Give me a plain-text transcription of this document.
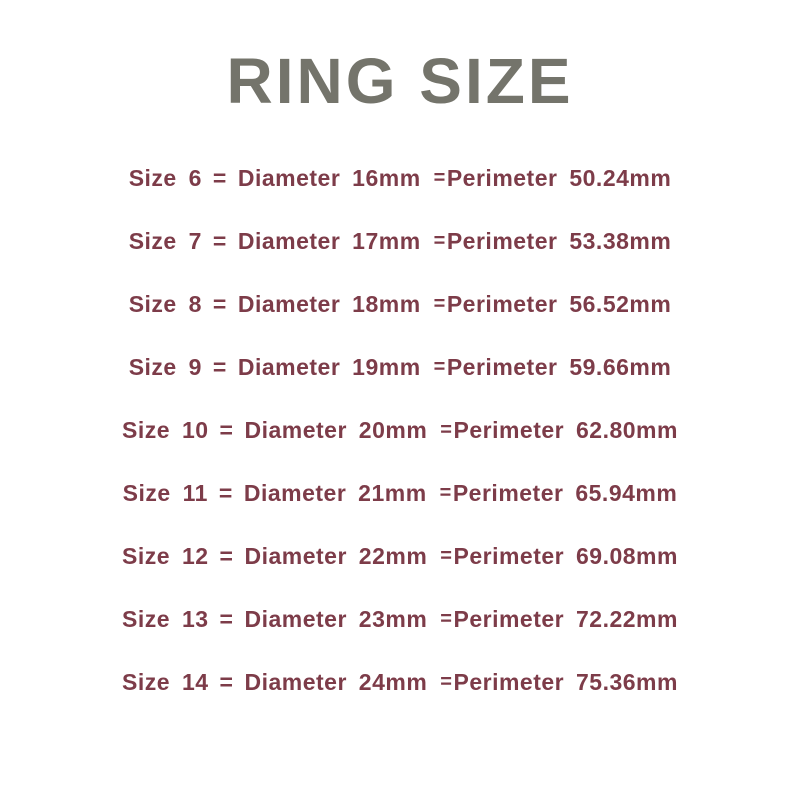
RING SIZE
Size 6 = Diameter 16mm = Perimeter 50.24mm
Size 7 = Diameter 17mm = Perimeter 53.38mm
Size 8 = Diameter 18mm = Perimeter 56.52mm
Size 9 = Diameter 19mm = Perimeter 59.66mm
Size 10 = Diameter 20mm = Perimeter 62.80mm
Size 11 = Diameter 21mm = Perimeter 65.94mm
Size 12 = Diameter 22mm = Perimeter 69.08mm
Size 13 = Diameter 23mm = Perimeter 72.22mm
Size 14 = Diameter 24mm = Perimeter 75.36mm
